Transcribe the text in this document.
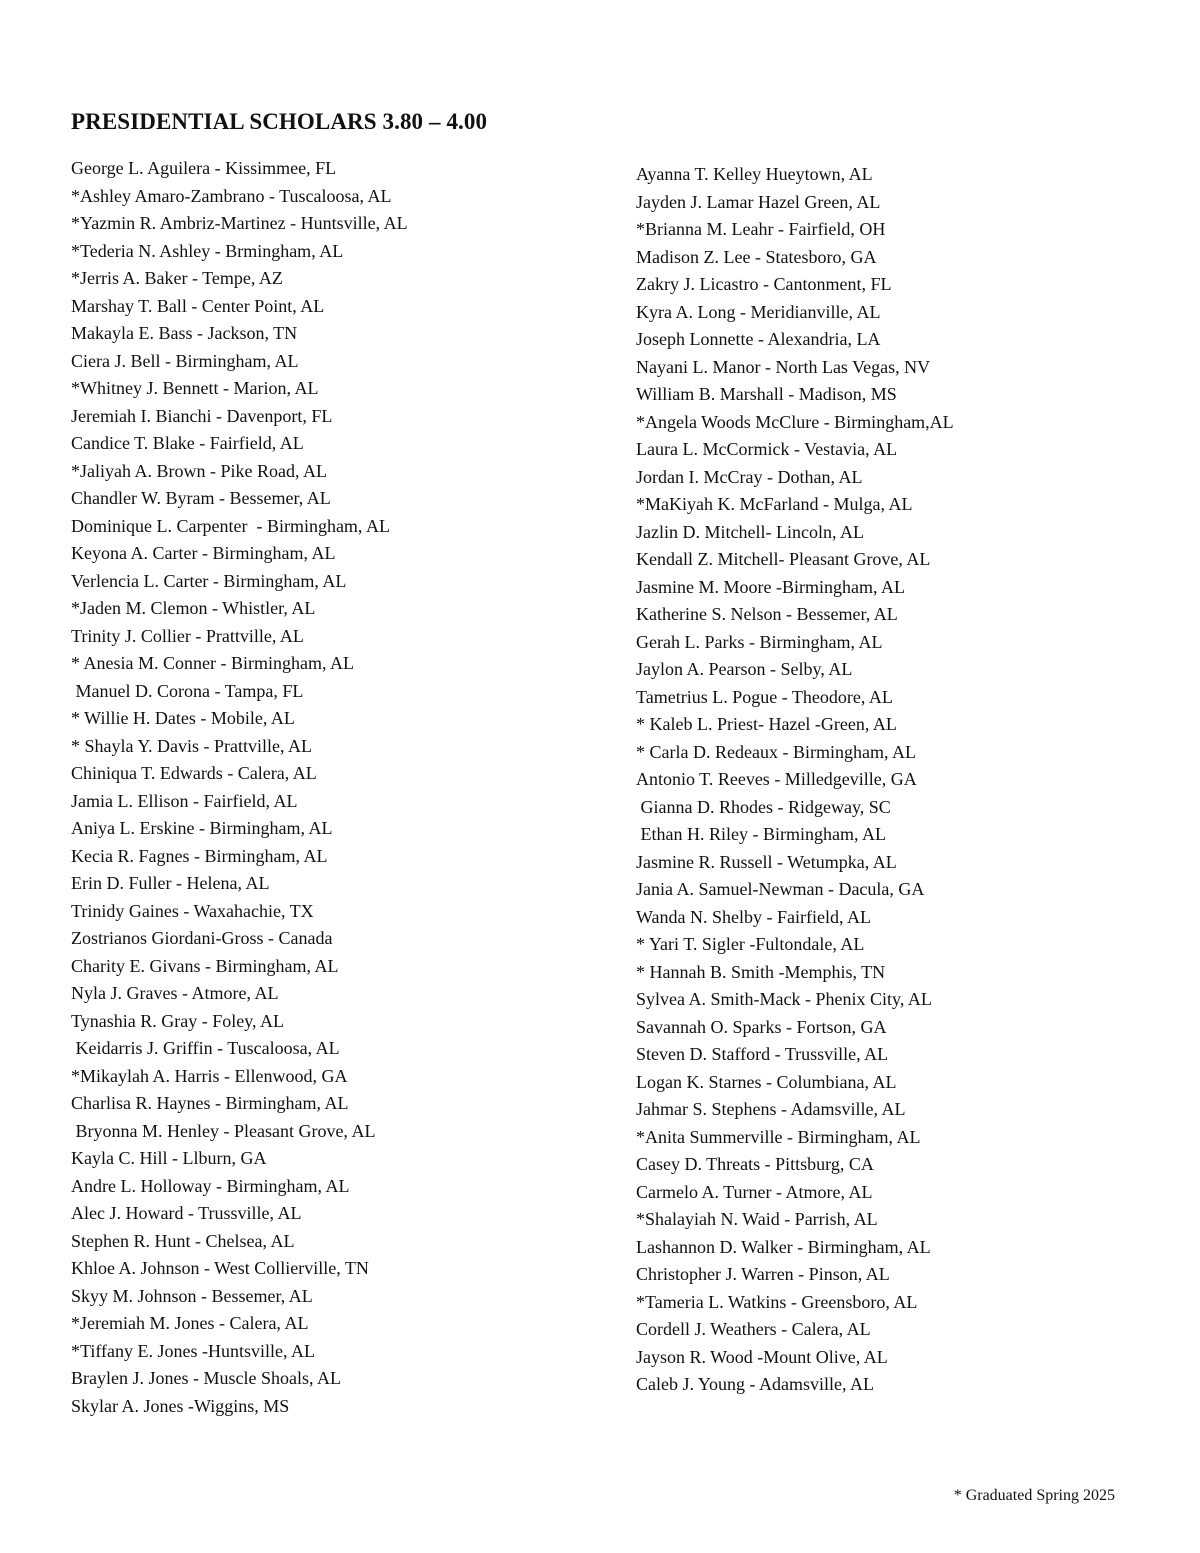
PRESIDENTIAL SCHOLARS 3.80 – 4.00
George L. Aguilera - Kissimmee, FL
*Ashley Amaro-Zambrano - Tuscaloosa, AL
*Yazmin R. Ambriz-Martinez - Huntsville, AL
*Tederia N. Ashley - Brmingham, AL
*Jerris A. Baker - Tempe, AZ
Marshay T. Ball - Center Point, AL
Makayla E. Bass - Jackson, TN
Ciera J. Bell - Birmingham, AL
*Whitney J. Bennett - Marion, AL
Jeremiah I. Bianchi - Davenport, FL
Candice T. Blake - Fairfield, AL
*Jaliyah A. Brown - Pike Road, AL
Chandler W. Byram - Bessemer, AL
Dominique L. Carpenter  - Birmingham, AL
Keyona A. Carter - Birmingham, AL
Verlencia L. Carter - Birmingham, AL
*Jaden M. Clemon - Whistler, AL
Trinity J. Collier - Prattville, AL
* Anesia M. Conner - Birmingham, AL
Manuel D. Corona - Tampa, FL
* Willie H. Dates - Mobile, AL
* Shayla Y. Davis - Prattville, AL
Chiniqua T. Edwards - Calera, AL
Jamia L. Ellison - Fairfield, AL
Aniya L. Erskine - Birmingham, AL
Kecia R. Fagnes - Birmingham, AL
Erin D. Fuller - Helena, AL
Trinidy Gaines - Waxahachie, TX
Zostrianos Giordani-Gross - Canada
Charity E. Givans - Birmingham, AL
Nyla J. Graves - Atmore, AL
Tynashia R. Gray - Foley, AL
Keidarris J. Griffin - Tuscaloosa, AL
*Mikaylah A. Harris - Ellenwood, GA
Charlisa R. Haynes - Birmingham, AL
Bryonna M. Henley - Pleasant Grove, AL
Kayla C. Hill - Llburn, GA
Andre L. Holloway - Birmingham, AL
Alec J. Howard - Trussville, AL
Stephen R. Hunt - Chelsea, AL
Khloe A. Johnson - West Collierville, TN
Skyy M. Johnson - Bessemer, AL
*Jeremiah M. Jones - Calera, AL
*Tiffany E. Jones -Huntsville, AL
Braylen J. Jones - Muscle Shoals, AL
Skylar A. Jones -Wiggins, MS
Ayanna T. Kelley Hueytown, AL
Jayden J. Lamar Hazel Green, AL
*Brianna M. Leahr - Fairfield, OH
Madison Z. Lee - Statesboro, GA
Zakry J. Licastro - Cantonment, FL
Kyra A. Long - Meridianville, AL
Joseph Lonnette - Alexandria, LA
Nayani L. Manor - North Las Vegas, NV
William B. Marshall - Madison, MS
*Angela Woods McClure - Birmingham,AL
Laura L. McCormick - Vestavia, AL
Jordan I. McCray - Dothan, AL
*MaKiyah K. McFarland - Mulga, AL
Jazlin D. Mitchell- Lincoln, AL
Kendall Z. Mitchell- Pleasant Grove, AL
Jasmine M. Moore -Birmingham, AL
Katherine S. Nelson - Bessemer, AL
Gerah L. Parks - Birmingham, AL
Jaylon A. Pearson - Selby, AL
Tametrius L. Pogue - Theodore, AL
* Kaleb L. Priest- Hazel -Green, AL
* Carla D. Redeaux - Birmingham, AL
Antonio T. Reeves - Milledgeville, GA
Gianna D. Rhodes - Ridgeway, SC
Ethan H. Riley - Birmingham, AL
Jasmine R. Russell - Wetumpka, AL
Jania A. Samuel-Newman - Dacula, GA
Wanda N. Shelby - Fairfield, AL
* Yari T. Sigler -Fultondale, AL
* Hannah B. Smith -Memphis, TN
Sylvea A. Smith-Mack - Phenix City, AL
Savannah O. Sparks - Fortson, GA
Steven D. Stafford - Trussville, AL
Logan K. Starnes - Columbiana, AL
Jahmar S. Stephens - Adamsville, AL
*Anita Summerville - Birmingham, AL
Casey D. Threats - Pittsburg, CA
Carmelo A. Turner - Atmore, AL
*Shalayiah N. Waid - Parrish, AL
Lashannon D. Walker - Birmingham, AL
Christopher J. Warren - Pinson, AL
*Tameria L. Watkins - Greensboro, AL
Cordell J. Weathers - Calera, AL
Jayson R. Wood -Mount Olive, AL
Caleb J. Young - Adamsville, AL
* Graduated Spring 2025
